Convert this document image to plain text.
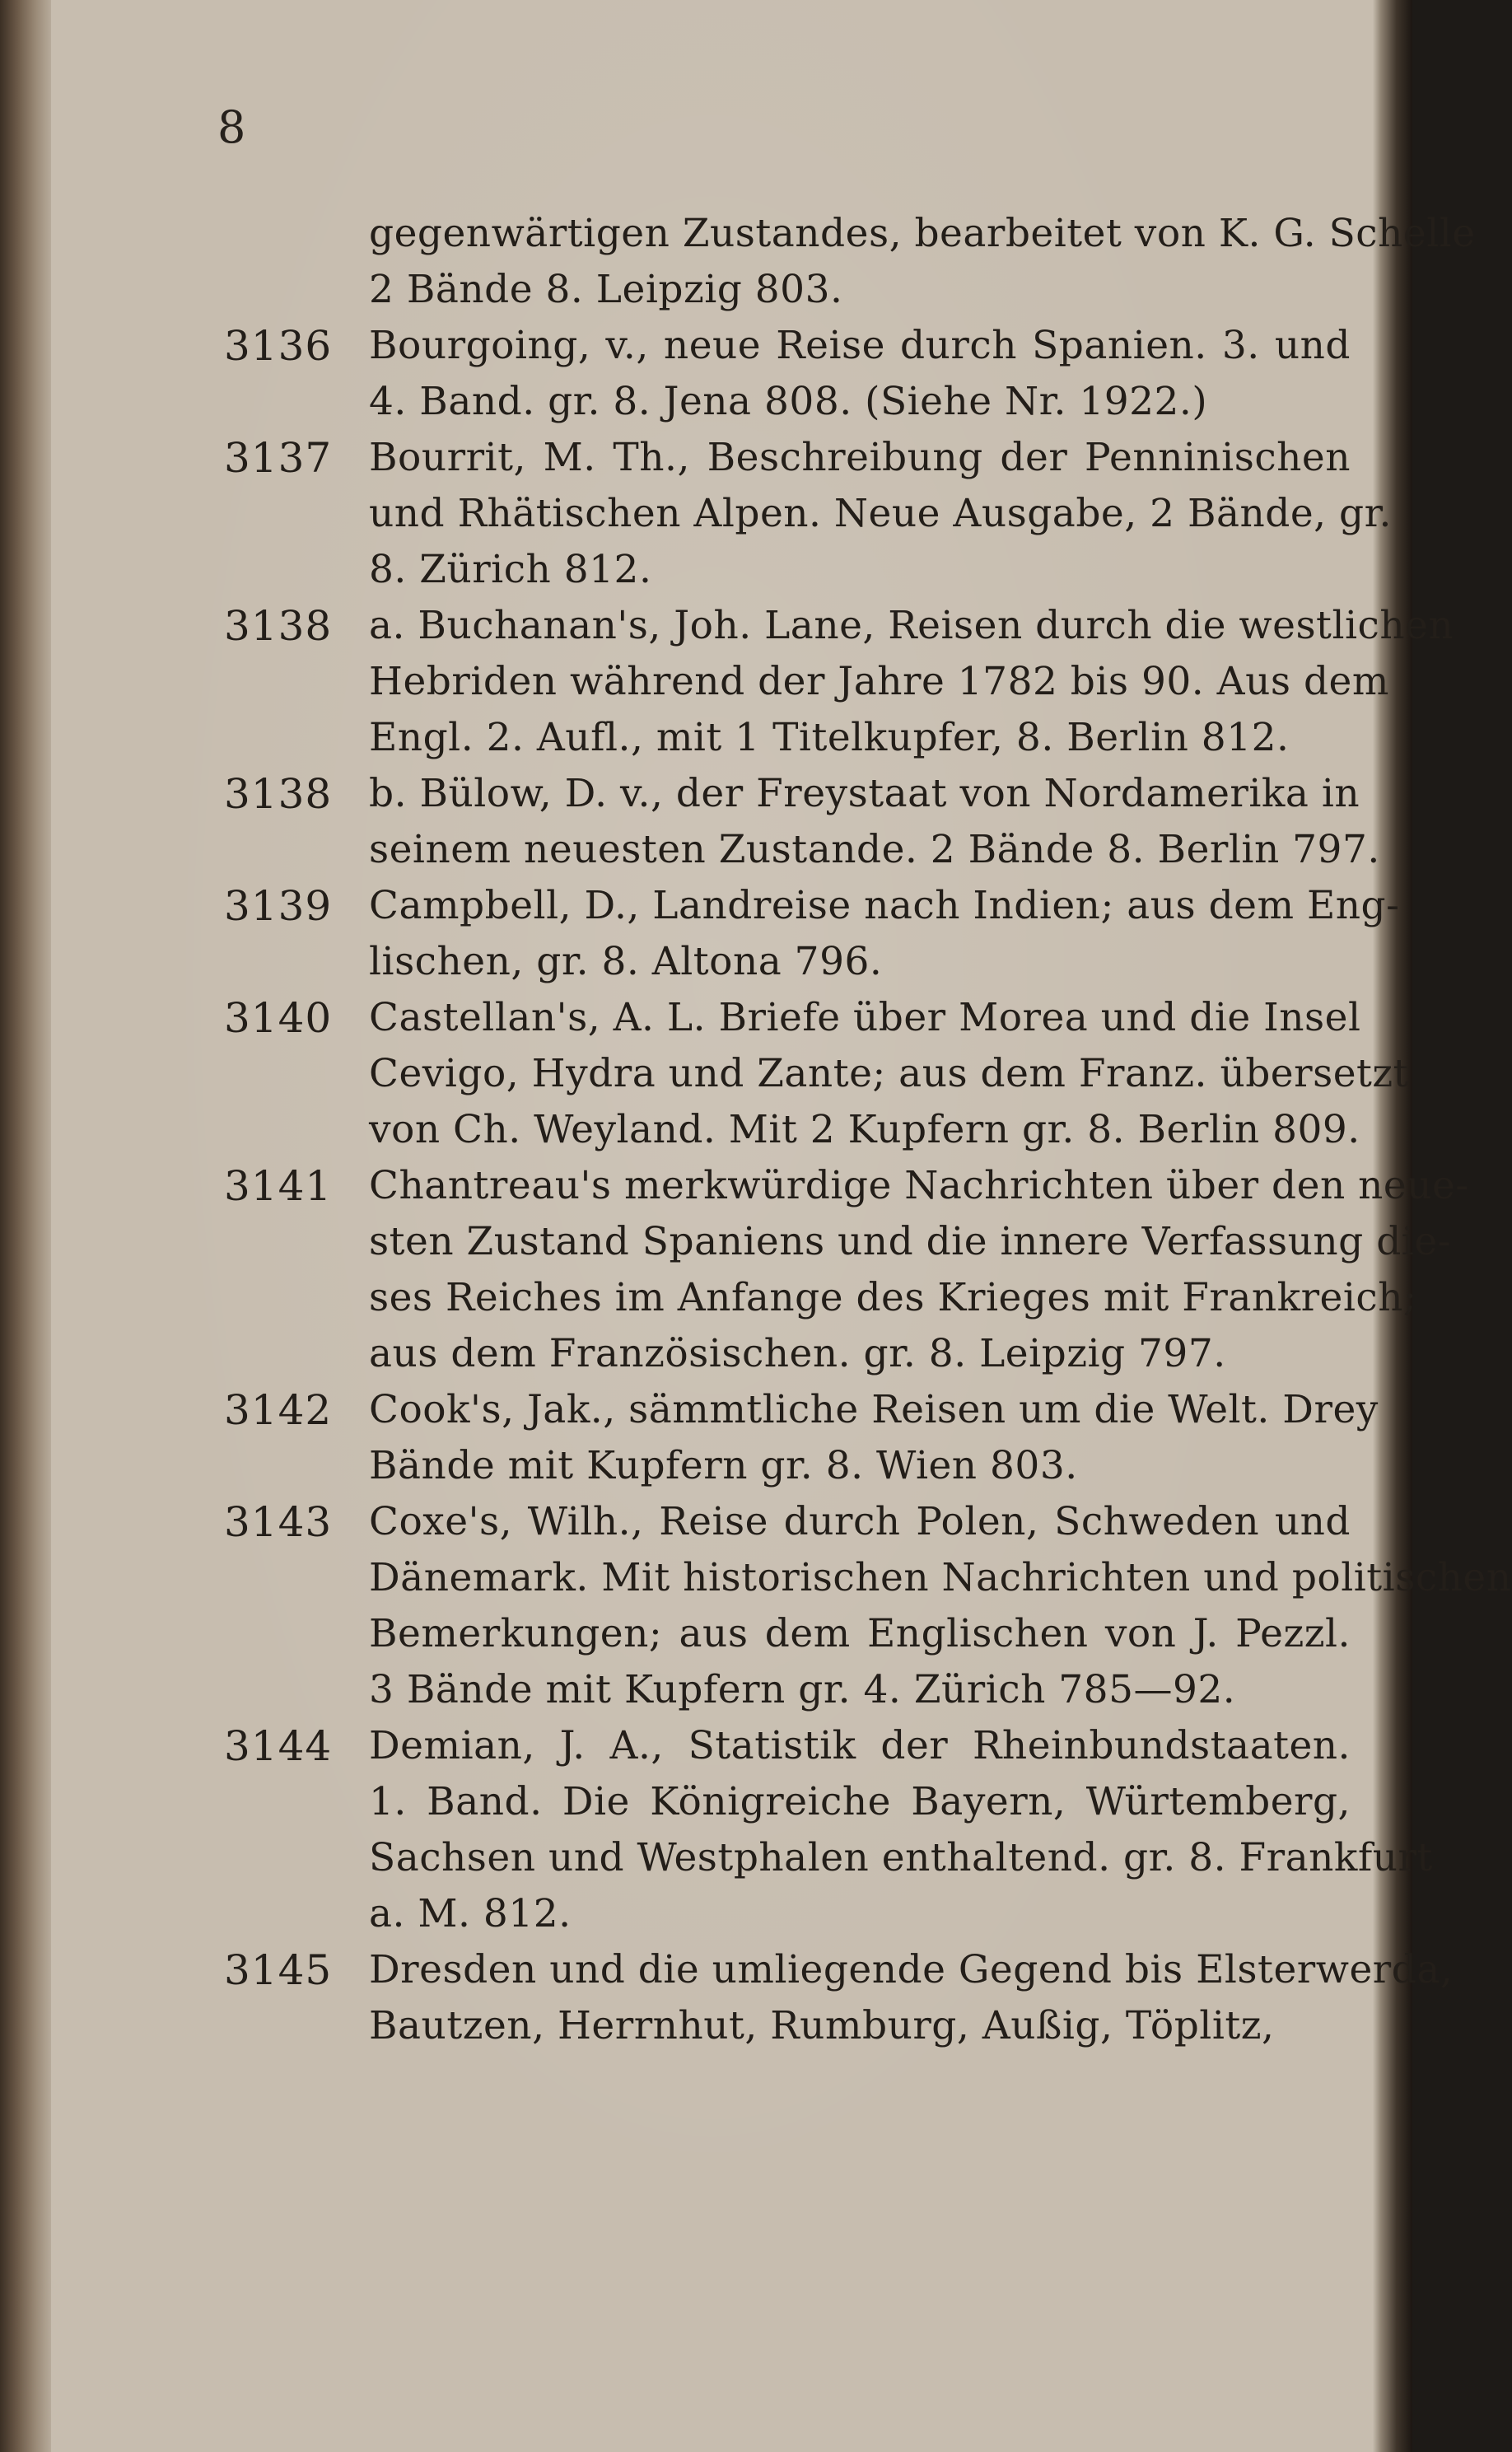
8
gegenwärtigen Zustandes, bearbeitet von K. G. Schelle
2 Bände 8. Leipzig 803.
3136 Bourgoing, v., neue Reise durch Spanien. 3. und
4. Band. gr. 8. Jena 808. (Siehe Nr. 1922.)
3137 Bourrit, M. Th., Beschreibung der Penninischen
und Rhätischen Alpen. Neue Ausgabe, 2 Bände, gr.
8. Zürich 812.
3138 a. Buchanan's, Joh. Lane, Reisen durch die westlichen
Hebriden während der Jahre 1782 bis 90. Aus dem
Engl. 2. Aufl., mit 1 Titelkupfer, 8. Berlin 812.
3138 b. Bülow, D. v., der Freystaat von Nordamerika in
seinem neuesten Zustande. 2 Bände 8. Berlin 797.
3139 Campbell, D., Landreise nach Indien; aus dem Eng-
lischen, gr. 8. Altona 796.
3140 Castellan's, A. L. Briefe über Morea und die Insel
Cevigo, Hydra und Zante; aus dem Franz. übersetzt
von Ch. Weyland. Mit 2 Kupfern gr. 8. Berlin 809.
3141 Chantreau's merkwürdige Nachrichten über den neue-
sten Zustand Spaniens und die innere Verfassung die-
ses Reiches im Anfange des Krieges mit Frankreich;
aus dem Französischen. gr. 8. Leipzig 797.
3142 Cook's, Jak., sämmtliche Reisen um die Welt. Drey
Bände mit Kupfern gr. 8. Wien 803.
3143 Coxe's, Wilh., Reise durch Polen, Schweden und
Dänemark. Mit historischen Nachrichten und politischen
Bemerkungen; aus dem Englischen von J. Pezzl.
3 Bände mit Kupfern gr. 4. Zürich 785—92.
3144 Demian, J. A., Statistik der Rheinbundstaaten.
1. Band. Die Königreiche Bayern, Würtemberg,
Sachsen und Westphalen enthaltend. gr. 8. Frankfurt
a. M. 812.
3145 Dresden und die umliegende Gegend bis Elsterwerda,
Bautzen, Herrnhut, Rumburg, Außig, Töplitz,
